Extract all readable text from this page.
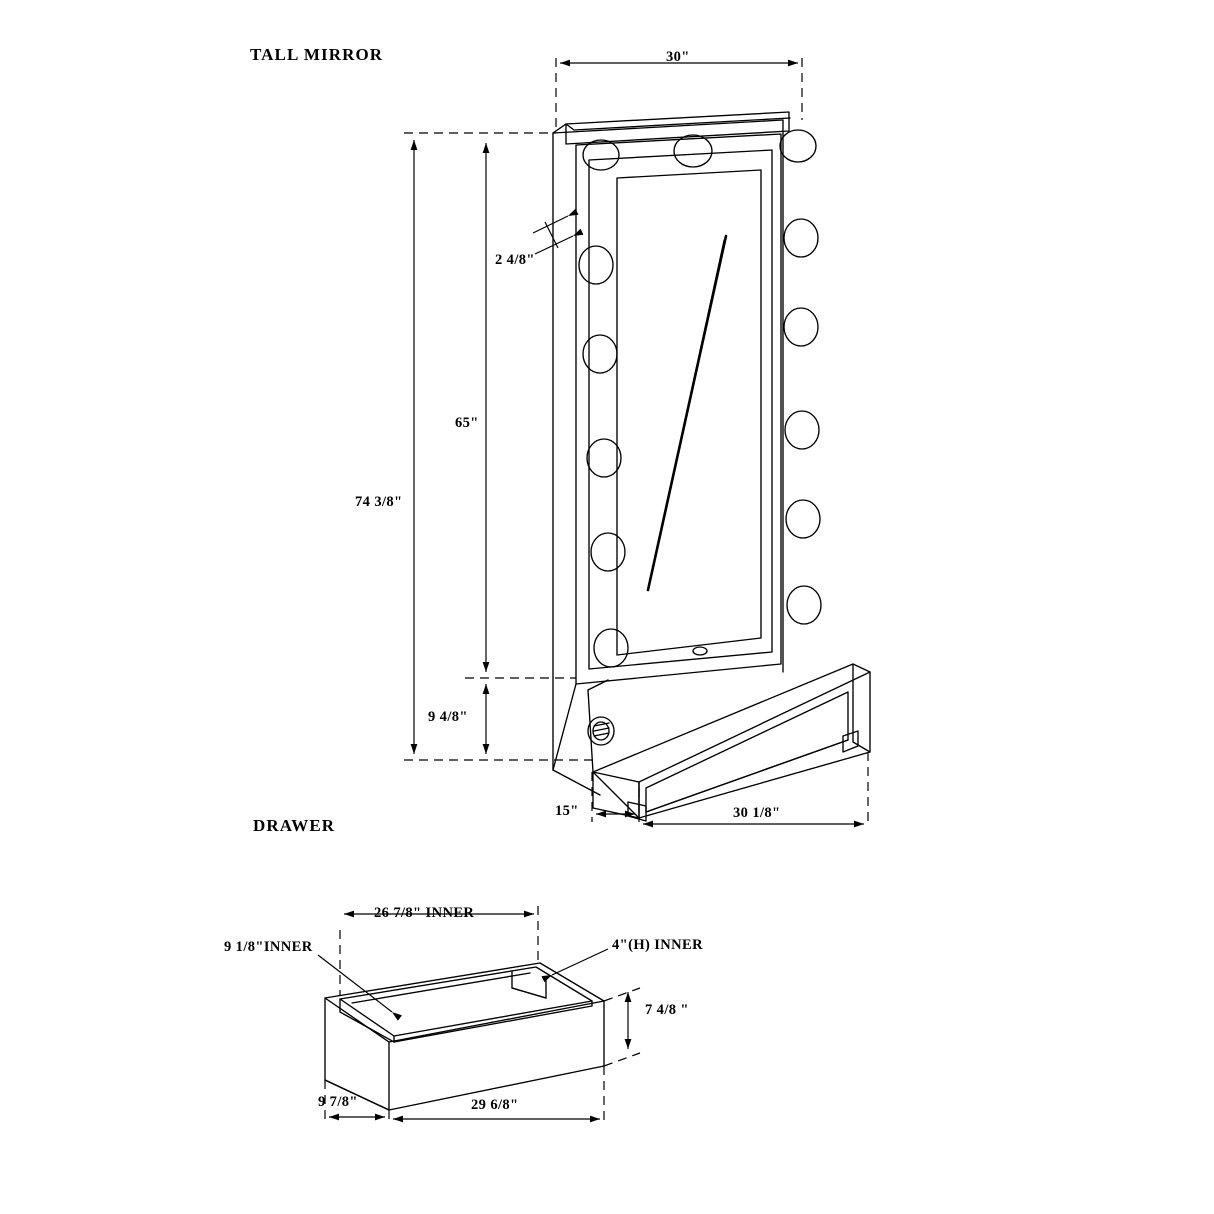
TALL MIRROR
DRAWER
30"
74 3/8"
65"
2 4/8"
9 4/8"
15"	30 1/8"
26 7/8" INNER
9 1/8"INNER	4"(H) INNER
7 4/8 "
9 7/8"	29 6/8"
